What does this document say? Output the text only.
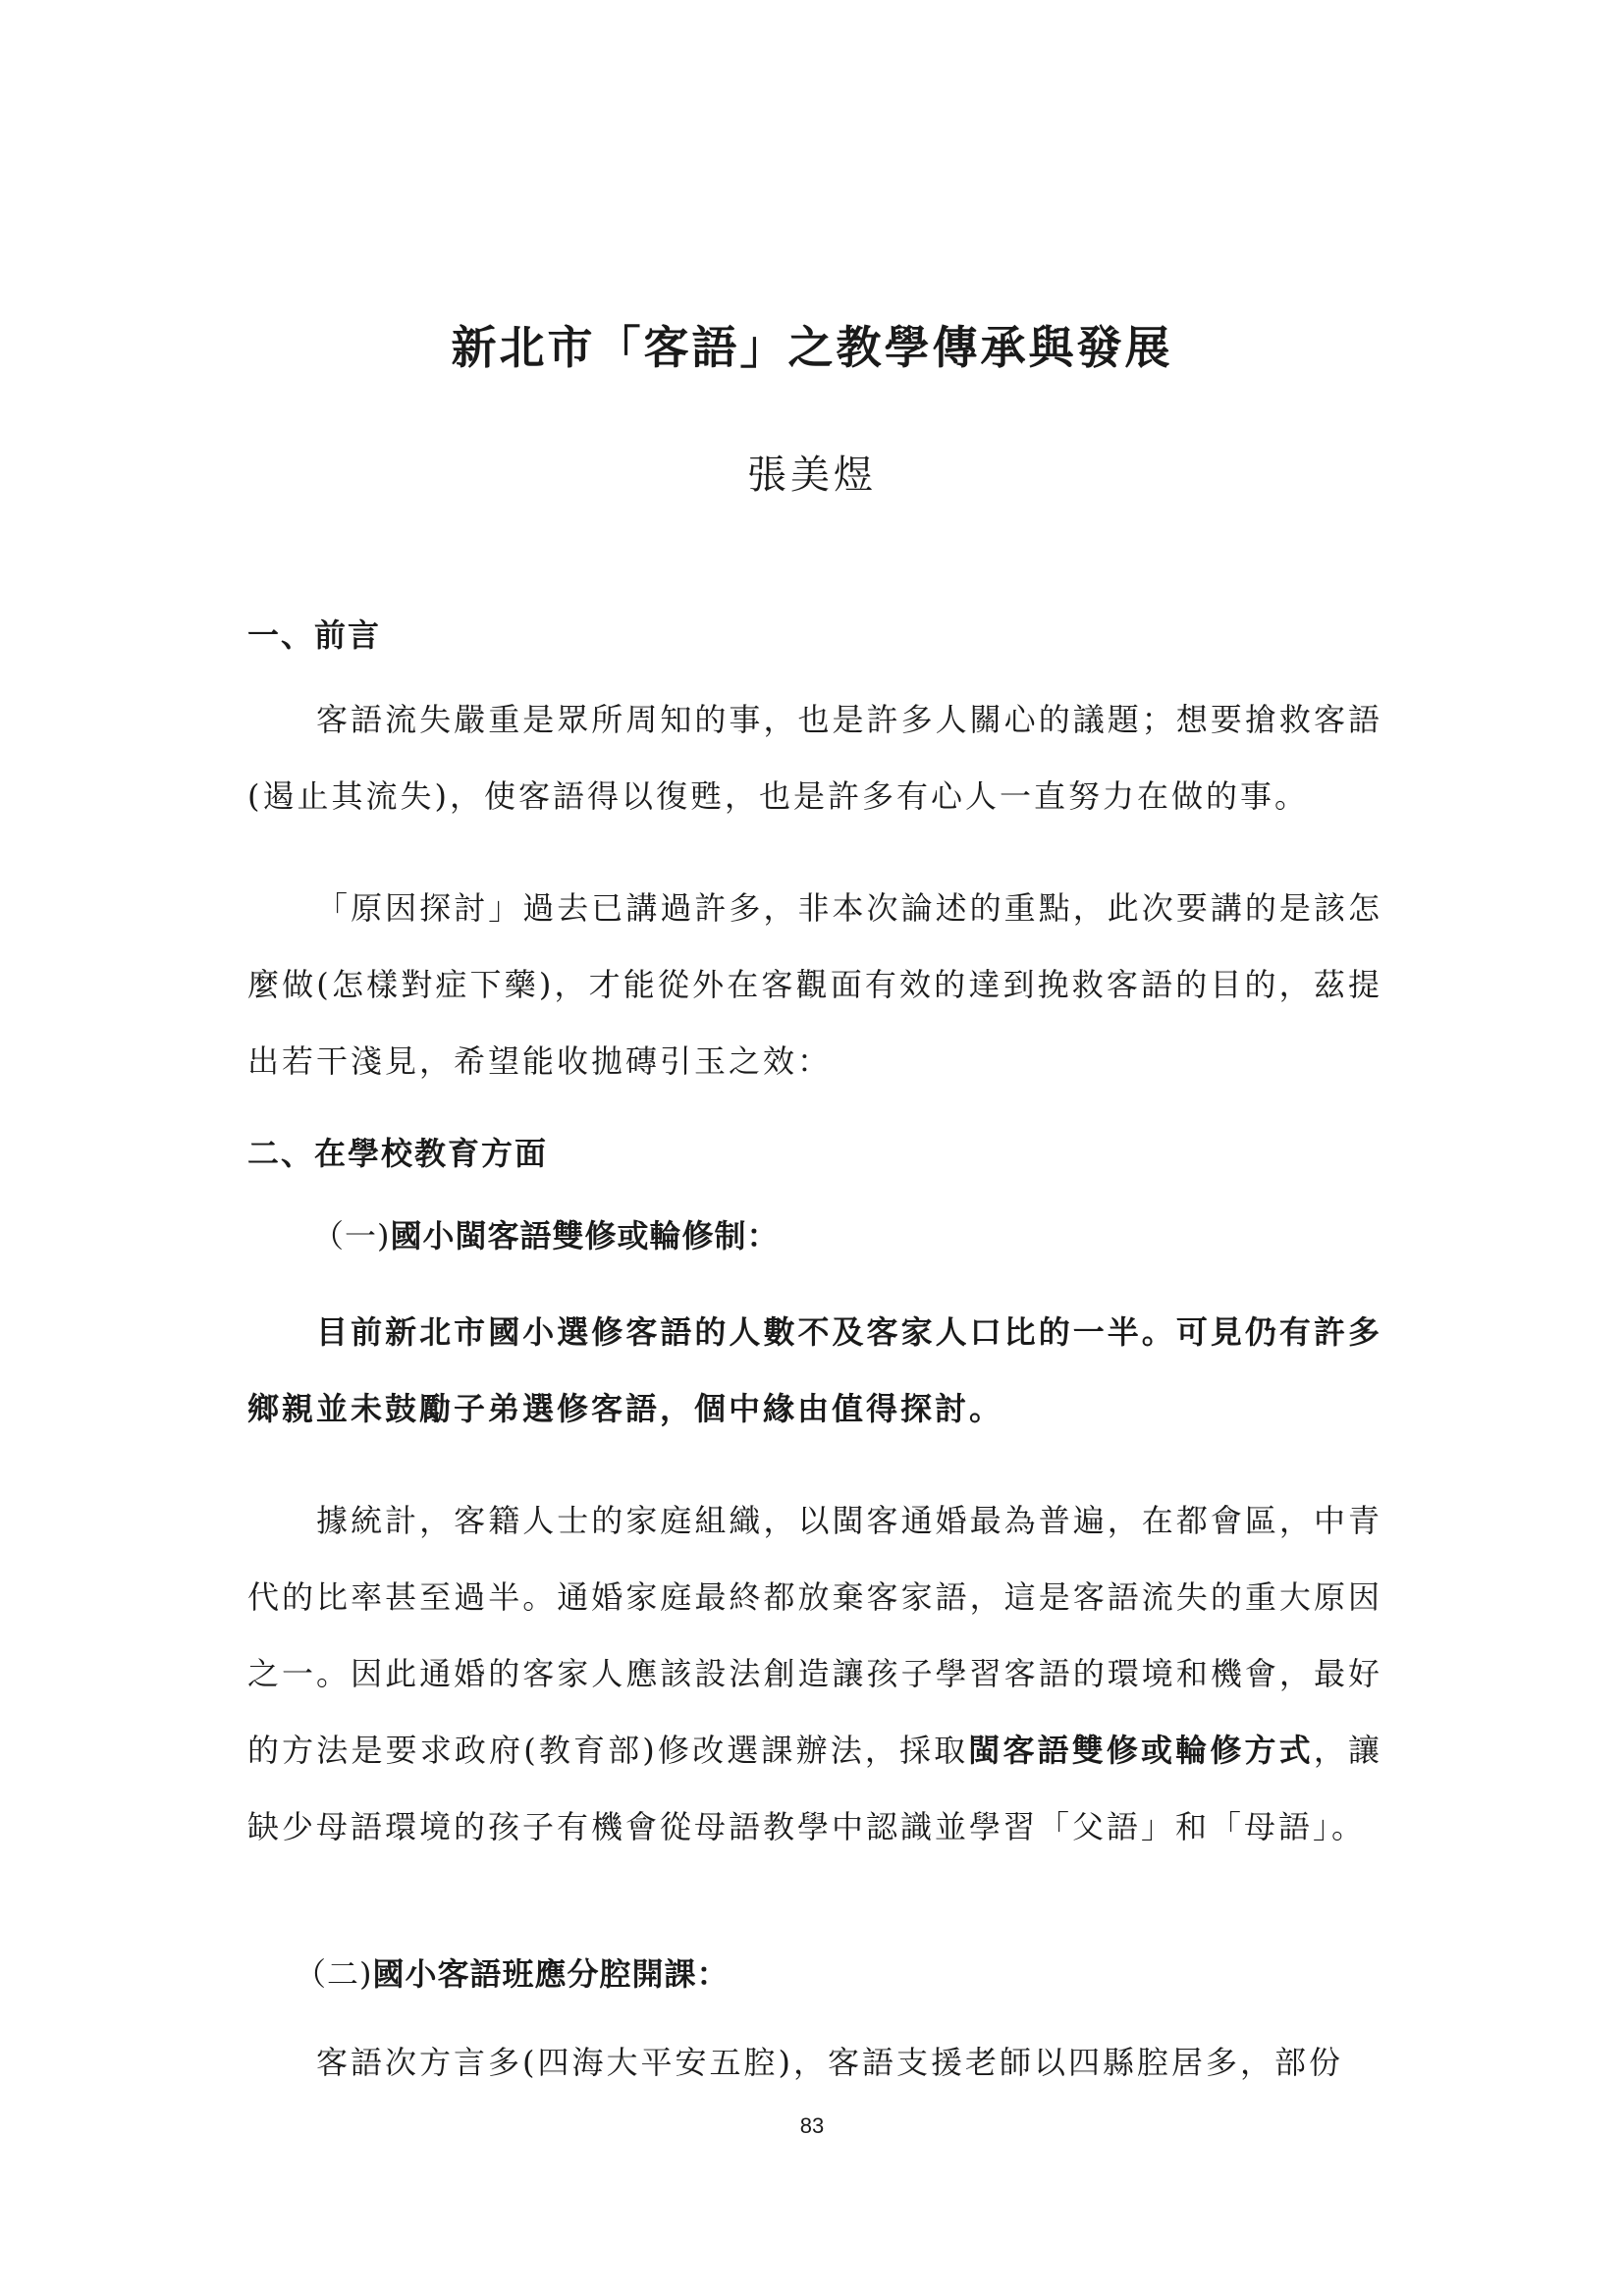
新北市「客語」之教學傳承與發展
張美煜
一、前言
客語流失嚴重是眾所周知的事，也是許多人關心的議題；想要搶救客語(遏止其流失)，使客語得以復甦，也是許多有心人一直努力在做的事。
「原因探討」過去已講過許多，非本次論述的重點，此次要講的是該怎麼做(怎樣對症下藥)，才能從外在客觀面有效的達到挽救客語的目的，茲提出若干淺見，希望能收拋磚引玉之效：
二、在學校教育方面
（一)國小閩客語雙修或輪修制：
目前新北市國小選修客語的人數不及客家人口比的一半。可見仍有許多鄉親並未鼓勵子弟選修客語，個中緣由值得探討。
據統計，客籍人士的家庭組織，以閩客通婚最為普遍，在都會區，中青代的比率甚至過半。通婚家庭最終都放棄客家語，這是客語流失的重大原因之一。因此通婚的客家人應該設法創造讓孩子學習客語的環境和機會，最好的方法是要求政府(教育部)修改選課辦法，採取閩客語雙修或輪修方式，讓缺少母語環境的孩子有機會從母語教學中認識並學習「父語」和「母語」。
（二)國小客語班應分腔開課：
客語次方言多(四海大平安五腔)，客語支援老師以四縣腔居多，部份
83
